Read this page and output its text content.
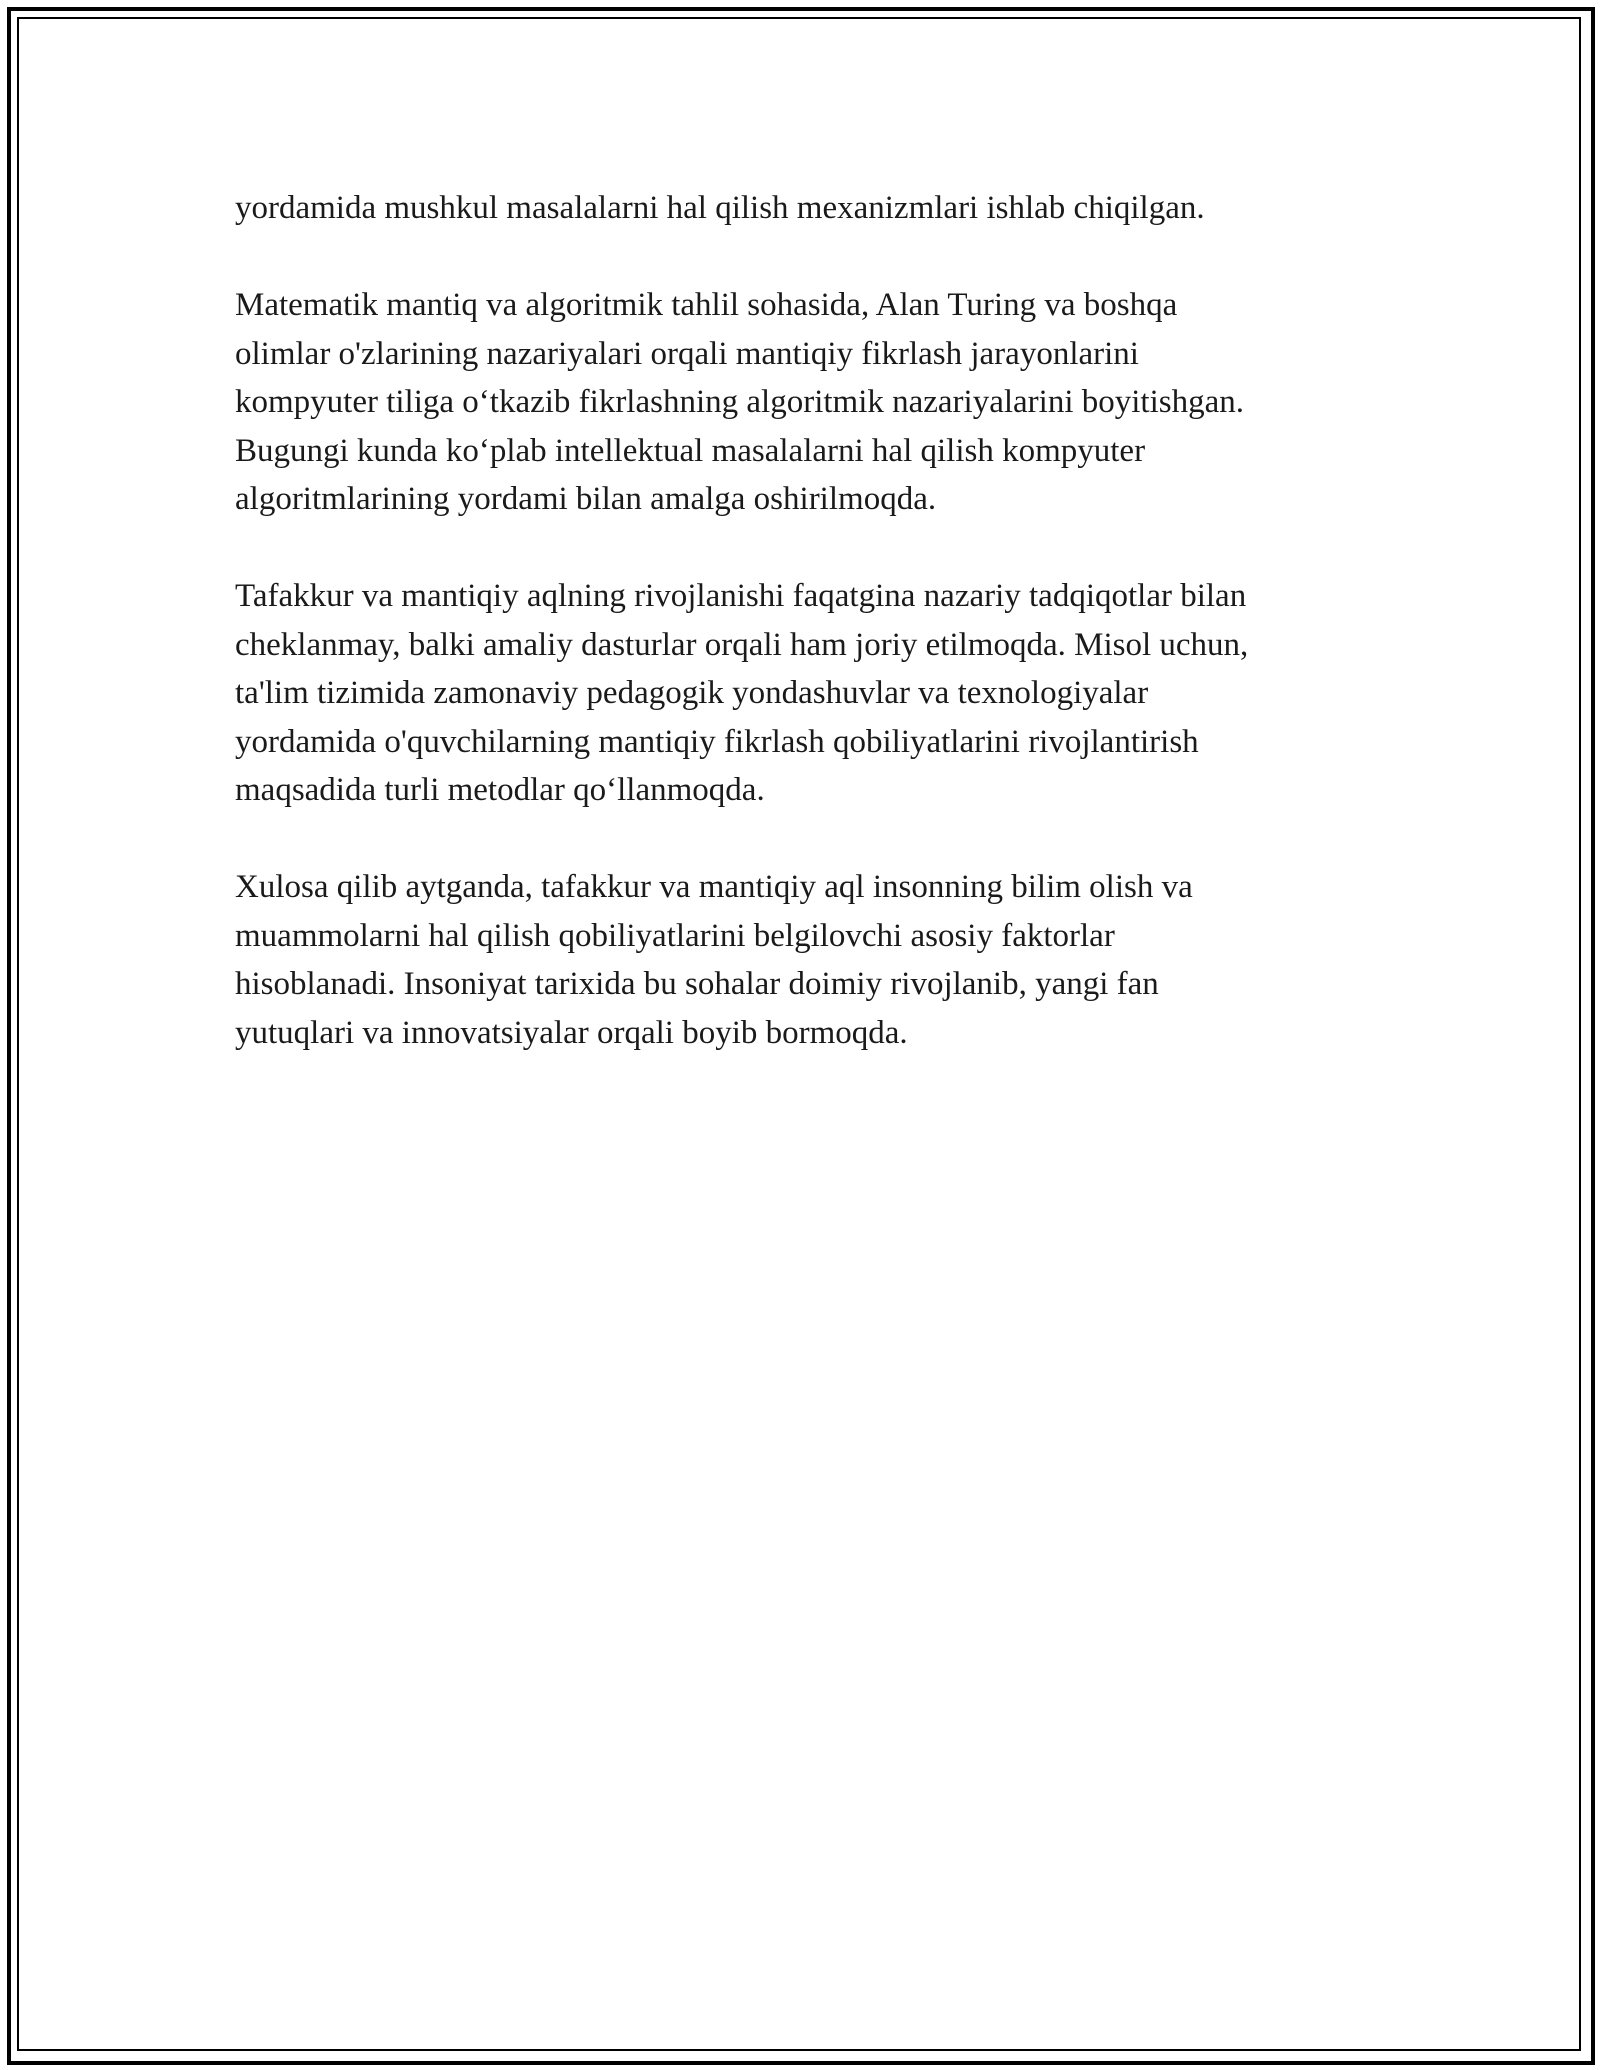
yordamida mushkul masalalarni hal qilish mexanizmlari ishlab chiqilgan.

Matematik mantiq va algoritmik tahlil sohasida, Alan Turing va boshqa
olimlar o'zlarining nazariyalari orqali mantiqiy fikrlash jarayonlarini
kompyuter tiliga o‘tkazib fikrlashning algoritmik nazariyalarini boyitishgan.
Bugungi kunda ko‘plab intellektual masalalarni hal qilish kompyuter
algoritmlarining yordami bilan amalga oshirilmoqda.

Tafakkur va mantiqiy aqlning rivojlanishi faqatgina nazariy tadqiqotlar bilan
cheklanmay, balki amaliy dasturlar orqali ham joriy etilmoqda. Misol uchun,
ta'lim tizimida zamonaviy pedagogik yondashuvlar va texnologiyalar
yordamida o'quvchilarning mantiqiy fikrlash qobiliyatlarini rivojlantirish
maqsadida turli metodlar qo‘llanmoqda.

Xulosa qilib aytganda, tafakkur va mantiqiy aql insonning bilim olish va
muammolarni hal qilish qobiliyatlarini belgilovchi asosiy faktorlar
hisoblanadi. Insoniyat tarixida bu sohalar doimiy rivojlanib, yangi fan
yutuqlari va innovatsiyalar orqali boyib bormoqda.
